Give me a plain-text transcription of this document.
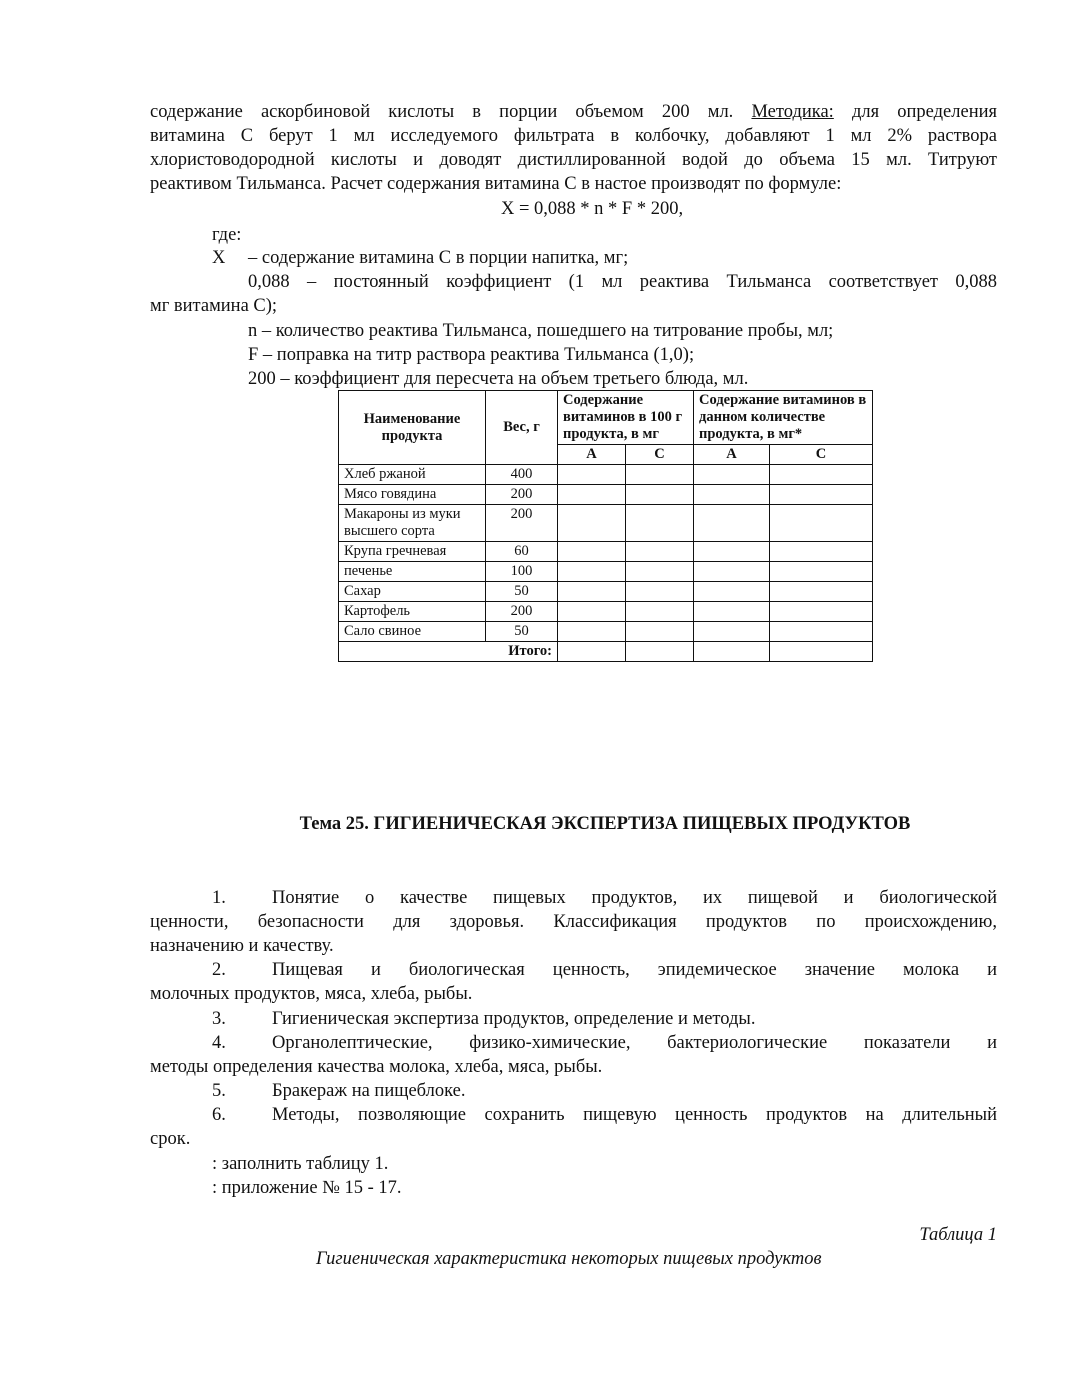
содержание аскорбиновой кислоты в порции объемом 200 мл. Методика: для определения
витамина С берут 1 мл исследуемого фильтрата в колбочку, добавляют 1 мл 2% раствора
хлористоводородной кислоты и доводят дистиллированной водой до объема 15 мл. Титруют
реактивом Тильманса. Расчет содержания витамина С в настое производят по формуле:
X = 0,088 * n * F * 200,
где:
X – содержание витамина С в порции напитка, мг;
0,088 – постоянный коэффициент (1 мл реактива Тильманса соответствует 0,088
мг витамина С);
n – количество реактива Тильманса, пошедшего на титрование пробы, мл;
F – поправка на титр раствора реактива Тильманса (1,0);
200 – коэффициент для пересчета на объем третьего блюда, мл.
Наименование продукта	Вес, г	Содержание витаминов в 100 г продукта, в мг		Содержание витаминов в данном количестве продукта, в мг*	
		А	С	А	С
Хлеб ржаной	400				
Мясо говядина	200				
Макароны из муки высшего сорта	200				
Крупа гречневая	60				
печенье	100				
Сахар	50				
Картофель	200				
Сало свиное	50				
Итого:					
Тема 25. ГИГИЕНИЧЕСКАЯ ЭКСПЕРТИЗА ПИЩЕВЫХ ПРОДУКТОВ
1. Понятие о качестве пищевых продуктов, их пищевой и биологической
ценности, безопасности для здоровья. Классификация продуктов по происхождению,
назначению и качеству.
2. Пищевая и биологическая ценность, эпидемическое значение молока и
молочных продуктов, мяса, хлеба, рыбы.
3. Гигиеническая экспертиза продуктов, определение и методы.
4. Органолептические, физико-химические, бактериологические показатели и
методы определения качества молока, хлеба, мяса, рыбы.
5. Бракераж на пищеблоке.
6. Методы, позволяющие сохранить пищевую ценность продуктов на длительный
срок.
: заполнить таблицу 1.
: приложение № 15 - 17.
Таблица 1
Гигиеническая характеристика некоторых пищевых продуктов
